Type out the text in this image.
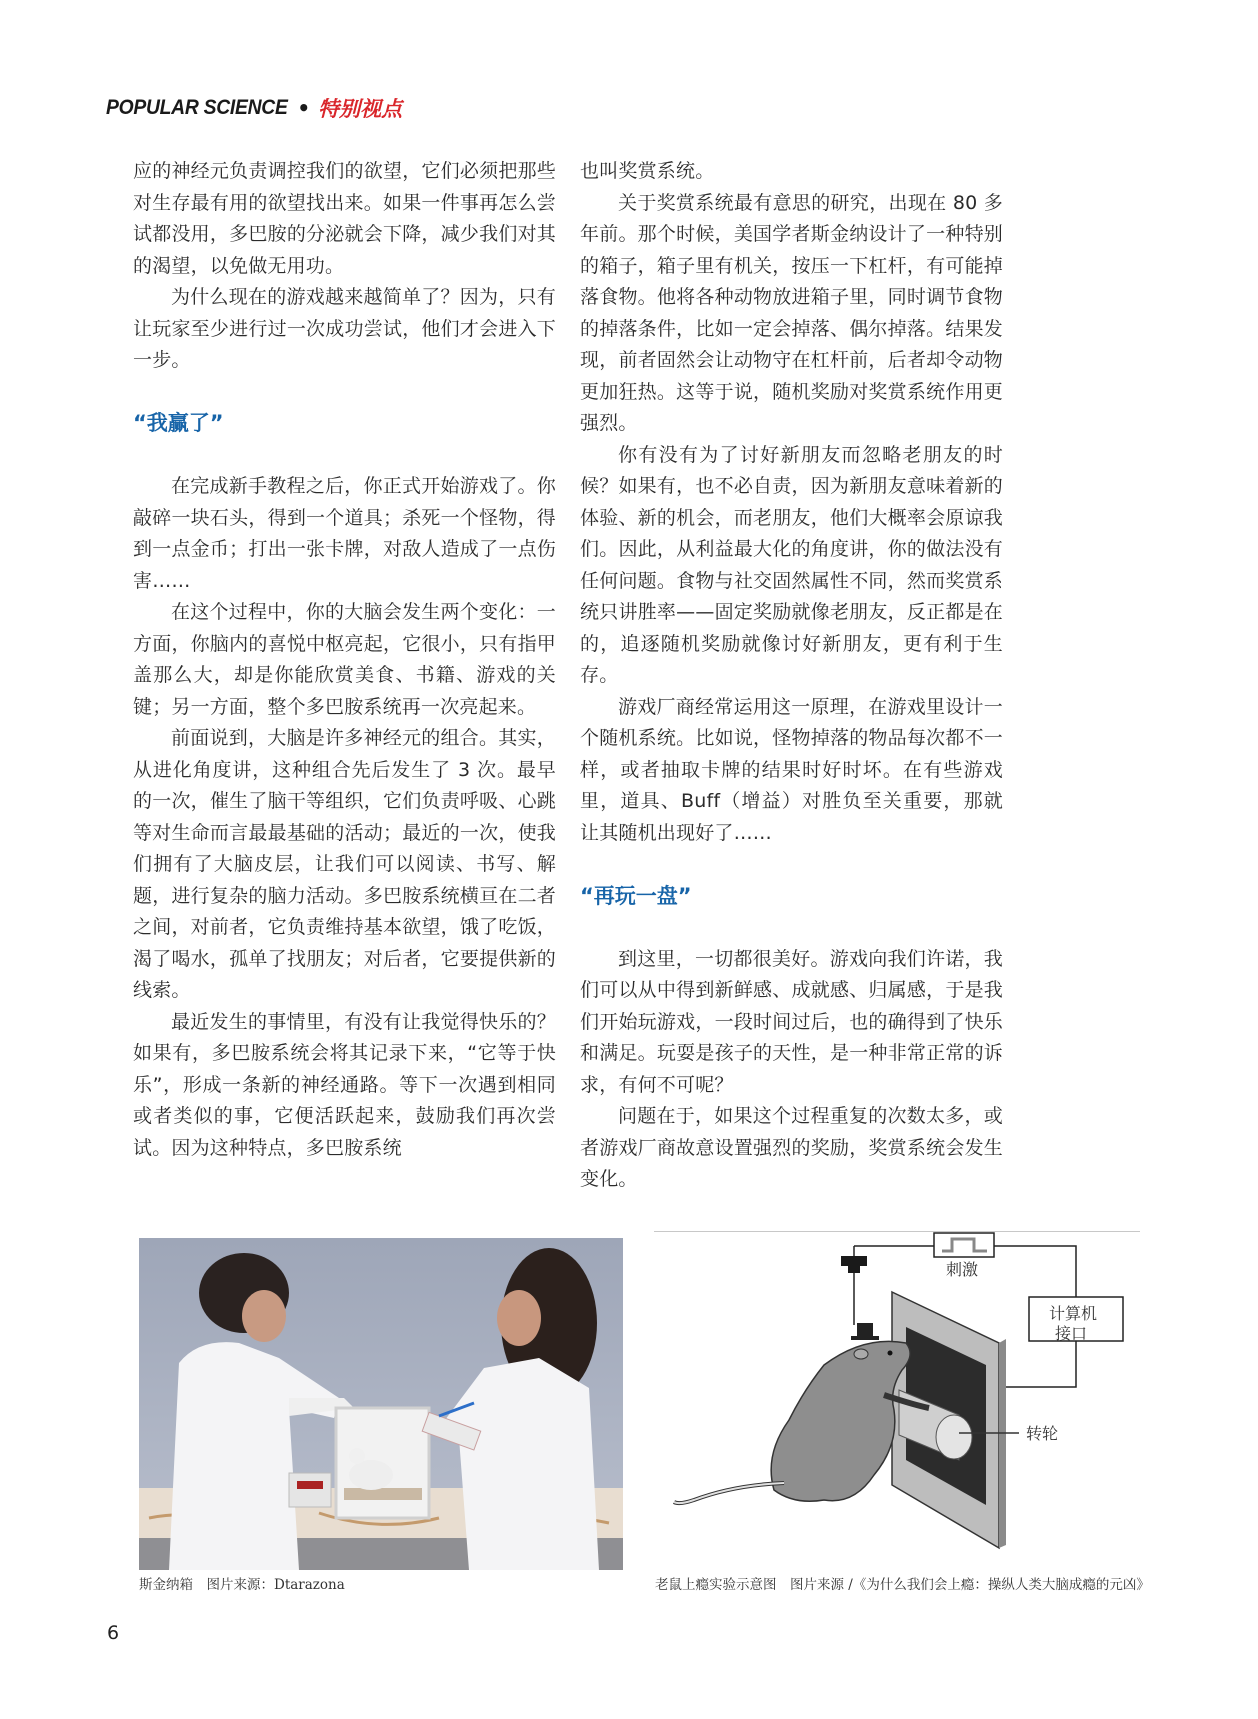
POPULAR SCIENCE • 特别视点

应的神经元负责调控我们的欲望，它们必须把那些对生存最有用的欲望找出来。如果一件事再怎么尝试都没用，多巴胺的分泌就会下降，减少我们对其的渴望，以免做无用功。

为什么现在的游戏越来越简单了？因为，只有让玩家至少进行过一次成功尝试，他们才会进入下一步。

“我赢了”

在完成新手教程之后，你正式开始游戏了。你敲碎一块石头，得到一个道具；杀死一个怪物，得到一点金币；打出一张卡牌，对敌人造成了一点伤害……

在这个过程中，你的大脑会发生两个变化：一方面，你脑内的喜悦中枢亮起，它很小，只有指甲盖那么大，却是你能欣赏美食、书籍、游戏的关键；另一方面，整个多巴胺系统再一次亮起来。

前面说到，大脑是许多神经元的组合。其实，从进化角度讲，这种组合先后发生了 3 次。最早的一次，催生了脑干等组织，它们负责呼吸、心跳等对生命而言最最基础的活动；最近的一次，使我们拥有了大脑皮层，让我们可以阅读、书写、解题，进行复杂的脑力活动。多巴胺系统横亘在二者之间，对前者，它负责维持基本欲望，饿了吃饭，渴了喝水，孤单了找朋友；对后者，它要提供新的线索。

最近发生的事情里，有没有让我觉得快乐的？如果有，多巴胺系统会将其记录下来，“它等于快乐”，形成一条新的神经通路。等下一次遇到相同或者类似的事，它便活跃起来，鼓励我们再次尝试。因为这种特点，多巴胺系统

也叫奖赏系统。

关于奖赏系统最有意思的研究，出现在 80 多年前。那个时候，美国学者斯金纳设计了一种特别的箱子，箱子里有机关，按压一下杠杆，有可能掉落食物。他将各种动物放进箱子里，同时调节食物的掉落条件，比如一定会掉落、偶尔掉落。结果发现，前者固然会让动物守在杠杆前，后者却令动物更加狂热。这等于说，随机奖励对奖赏系统作用更强烈。

你有没有为了讨好新朋友而忽略老朋友的时候？如果有，也不必自责，因为新朋友意味着新的体验、新的机会，而老朋友，他们大概率会原谅我们。因此，从利益最大化的角度讲，你的做法没有任何问题。食物与社交固然属性不同，然而奖赏系统只讲胜率——固定奖励就像老朋友，反正都是在的，追逐随机奖励就像讨好新朋友，更有利于生存。

游戏厂商经常运用这一原理，在游戏里设计一个随机系统。比如说，怪物掉落的物品每次都不一样，或者抽取卡牌的结果时好时坏。在有些游戏里，道具、Buff（增益）对胜负至关重要，那就让其随机出现好了……

“再玩一盘”

到这里，一切都很美好。游戏向我们许诺，我们可以从中得到新鲜感、成就感、归属感，于是我们开始玩游戏，一段时间过后，也的确得到了快乐和满足。玩耍是孩子的天性，是一种非常正常的诉求，有何不可呢？

问题在于，如果这个过程重复的次数太多，或者游戏厂商故意设置强烈的奖励，奖赏系统会发生变化。

刺激
计算机
接口
转轮
斯金纳箱　图片来源：Dtarazona	老鼠上瘾实验示意图　图片来源 /《为什么我们会上瘾：操纵人类大脑成瘾的元凶》
6
